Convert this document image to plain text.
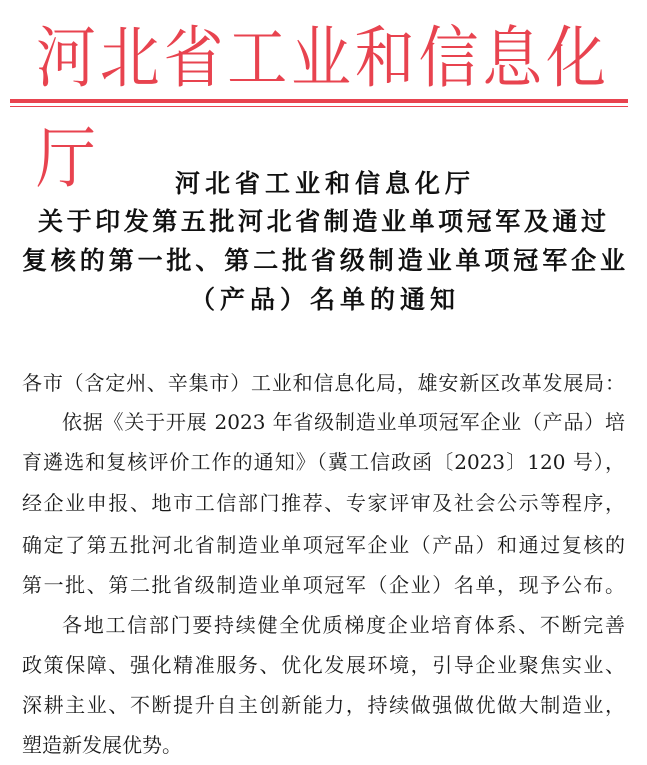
河北省工业和信息化厅	河北省工业和信息化厅
关于印发第五批河北省制造业单项冠军及通过
复核的第一批、第二批省级制造业单项冠军企业
（产品）名单的通知
各市（含定州、辛集市）工业和信息化局，雄安新区改革发展局：
依据《关于开展 2023 年省级制造业单项冠军企业（产品）培
育遴选和复核评价工作的通知》（冀工信政函〔2023〕120 号），
经企业申报、地市工信部门推荐、专家评审及社会公示等程序，
确定了第五批河北省制造业单项冠军企业（产品）和通过复核的
第一批、第二批省级制造业单项冠军（企业）名单，现予公布。
各地工信部门要持续健全优质梯度企业培育体系、不断完善
政策保障、强化精准服务、优化发展环境，引导企业聚焦实业、
深耕主业、不断提升自主创新能力，持续做强做优做大制造业，
塑造新发展优势。
